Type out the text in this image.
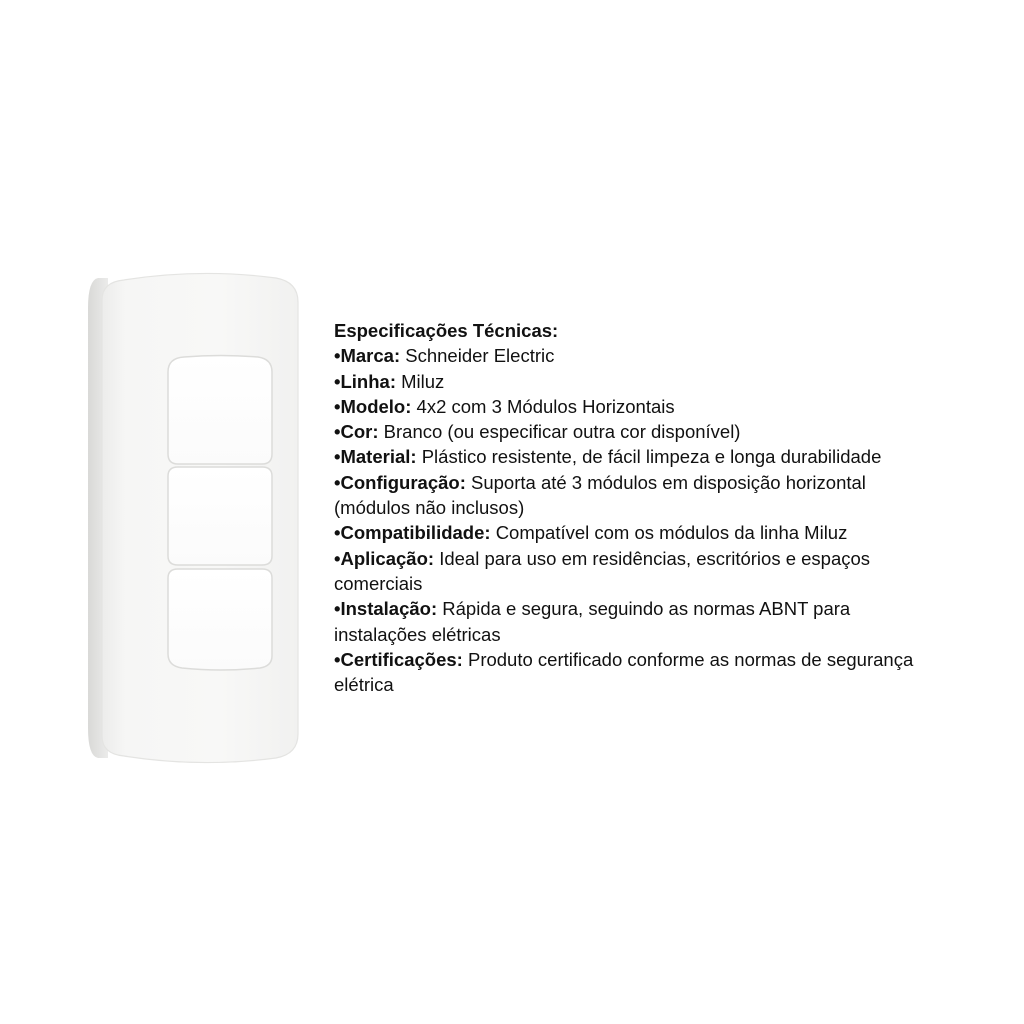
Especificações Técnicas:
•Marca: Schneider Electric
•Linha: Miluz
•Modelo: 4x2 com 3 Módulos Horizontais
•Cor: Branco (ou especificar outra cor disponível)
•Material: Plástico resistente, de fácil limpeza e longa durabilidade
•Configuração: Suporta até 3 módulos em disposição horizontal
(módulos não inclusos)
•Compatibilidade: Compatível com os módulos da linha Miluz
•Aplicação: Ideal para uso em residências, escritórios e espaços
comerciais
•Instalação: Rápida e segura, seguindo as normas ABNT para
instalações elétricas
•Certificações: Produto certificado conforme as normas de segurança
elétrica
